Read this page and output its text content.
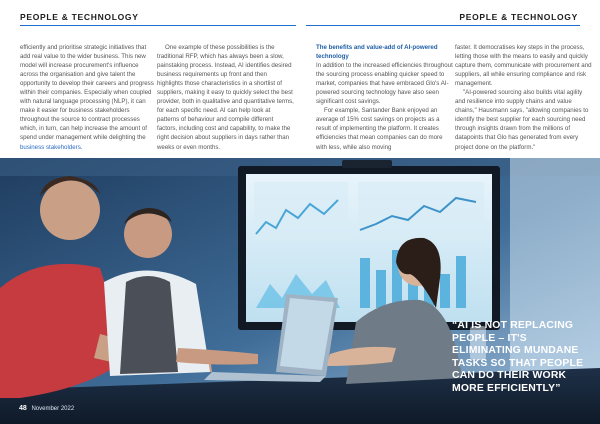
PEOPLE & TECHNOLOGY	PEOPLE & TECHNOLOGY

efficiently and prioritise strategic initiatives that add real value to the wider business. This new model will increase procurement's influence across the organisation and give talent the opportunity to develop their careers and progress within their companies. Especially when coupled with natural language processing (NLP), it can make it easier for business stakeholders throughout the source to contract processes which, in turn, can help increase the amount of spend under management while delighting the business stakeholders.

One example of these possibilities is the traditional RFP, which has always been a slow, painstaking process. Instead, AI identifies desired business requirements up front and then highlights those characteristics in a shortlist of suppliers, making it easy to quickly select the best provider, both in qualitative and quantitative terms, for each specific need. AI can help look at patterns of behaviour and compile different factors, including cost and capability, to make the right decision about suppliers in days rather than weeks or even months.

The benefits and value-add of AI-powered technology

In addition to the increased efficiencies throughout the sourcing process enabling quicker speed to market, companies that have embraced Glo's AI-powered sourcing technology have also seen significant cost savings.

For example, Santander Bank enjoyed an average of 15% cost savings on projects as a result of implementing the platform. It creates efficiencies that mean companies can do more with less, while also moving

faster. It democratises key steps in the process, letting those with the means to easily and quickly capture them, communicate with procurement and suppliers, all while ensuring compliance and risk management.

"AI-powered sourcing also builds vital agility and resilience into supply chains and value chains," Hausmann says, "allowing companies to identify the best supplier for each sourcing need through insights drawn from the millions of datapoints that Glo has generated from every project done on the platform."

“AI IS NOT REPLACING PEOPLE – IT'S ELIMINATING MUNDANE TASKS SO THAT PEOPLE CAN DO THEIR WORK MORE EFFICIENTLY”
48 November 2022
